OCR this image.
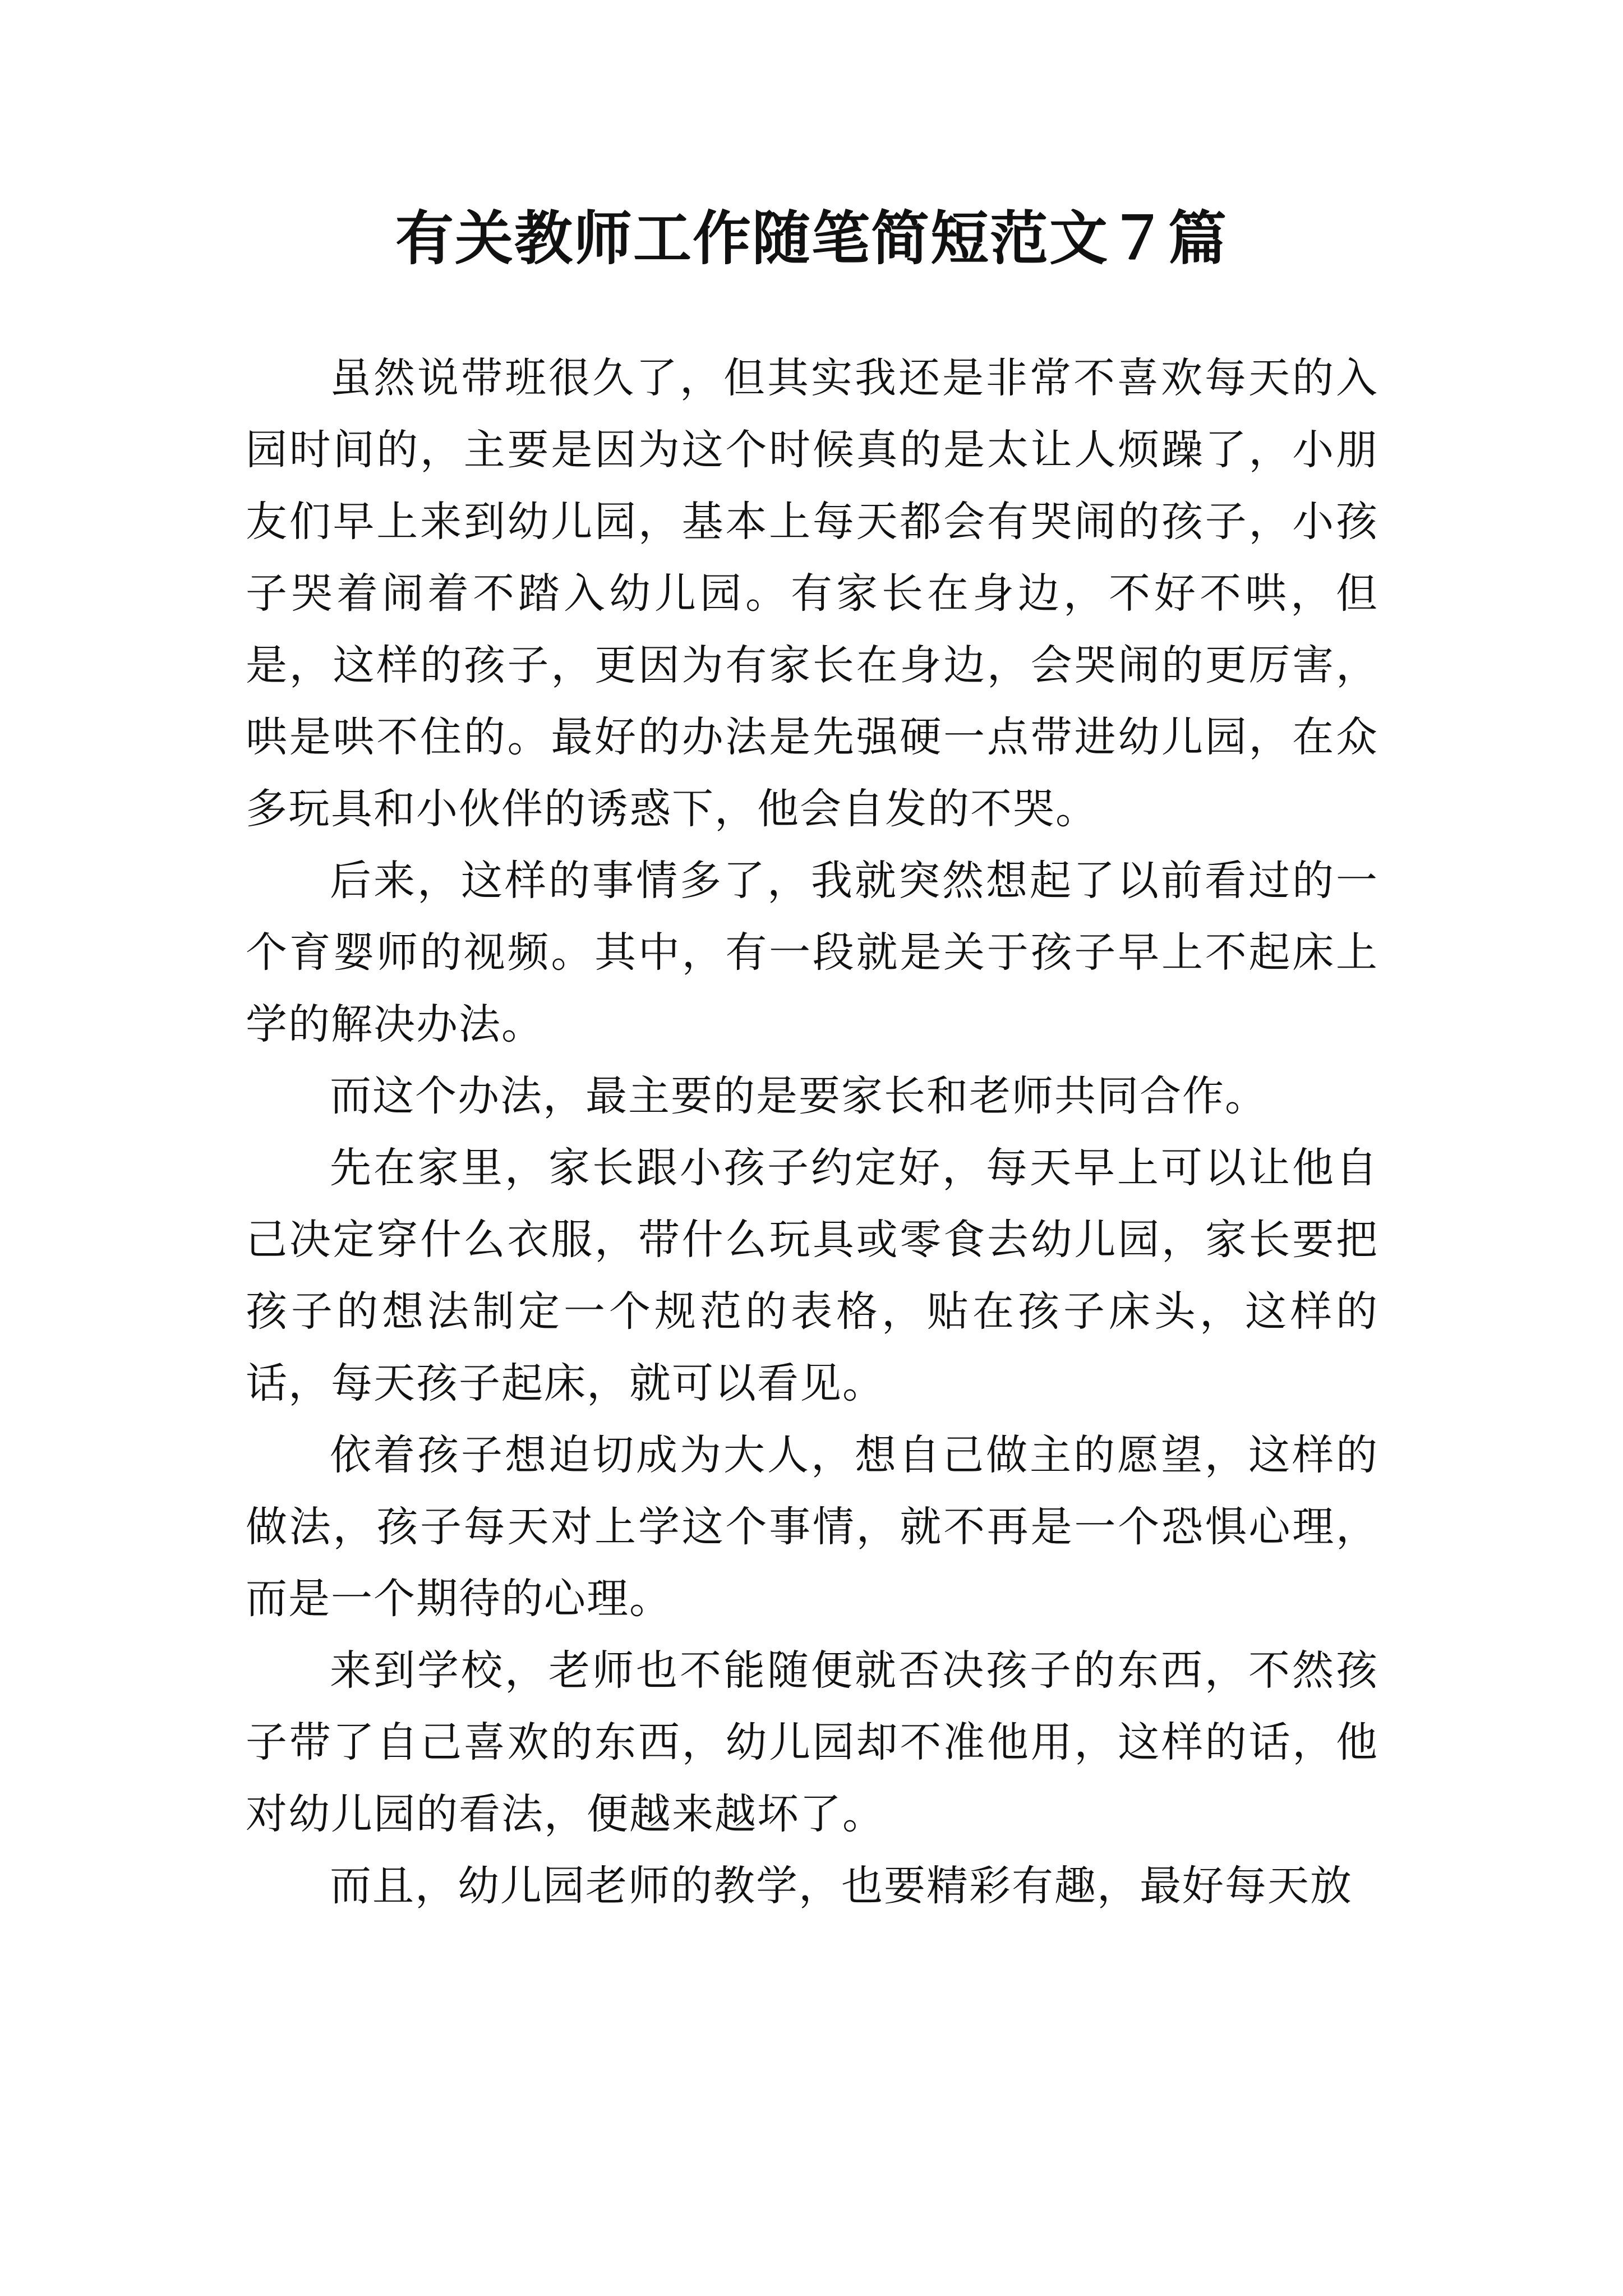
有关教师工作随笔简短范文７篇

虽然说带班很久了，但其实我还是非常不喜欢每天的入园时间的，主要是因为这个时候真的是太让人烦躁了，小朋友们早上来到幼儿园，基本上每天都会有哭闹的孩子，小孩子哭着闹着不踏入幼儿园。有家长在身边，不好不哄，但是，这样的孩子，更因为有家长在身边，会哭闹的更厉害，哄是哄不住的。最好的办法是先强硬一点带进幼儿园，在众多玩具和小伙伴的诱惑下，他会自发的不哭。

后来，这样的事情多了，我就突然想起了以前看过的一个育婴师的视频。其中，有一段就是关于孩子早上不起床上学的解决办法。

而这个办法，最主要的是要家长和老师共同合作。

先在家里，家长跟小孩子约定好，每天早上可以让他自己决定穿什么衣服，带什么玩具或零食去幼儿园，家长要把孩子的想法制定一个规范的表格，贴在孩子床头，这样的话，每天孩子起床，就可以看见。

依着孩子想迫切成为大人，想自己做主的愿望，这样的做法，孩子每天对上学这个事情，就不再是一个恐惧心理，而是一个期待的心理。

来到学校，老师也不能随便就否决孩子的东西，不然孩子带了自己喜欢的东西，幼儿园却不准他用，这样的话，他对幼儿园的看法，便越来越坏了。

而且，幼儿园老师的教学，也要精彩有趣，最好每天放
